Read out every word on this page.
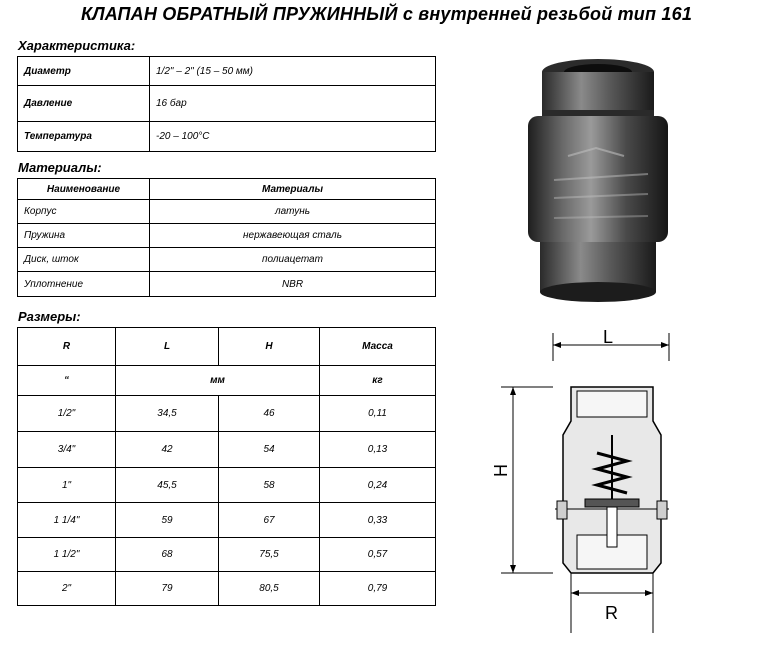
КЛАПАН ОБРАТНЫЙ ПРУЖИННЫЙ с внутренней резьбой тип 161
Характеристика:
Диаметр	1/2" – 2" (15 – 50 мм)
Давление	16 бар
Температура	-20 – 100°C
Материалы:
Наименование	Материалы
Корпус	латунь
Пружина	нержавеющая сталь
Диск, шток	полиацетат
Уплотнение	NBR
Размеры:
R	L	H	Масса
“	мм		кг
1/2"	34,5	46	0,11
3/4"	42	54	0,13
1"	45,5	58	0,24
1 1/4"	59	67	0,33
1 1/2"	68	75,5	0,57
2"	79	80,5	0,79
L
H
R
